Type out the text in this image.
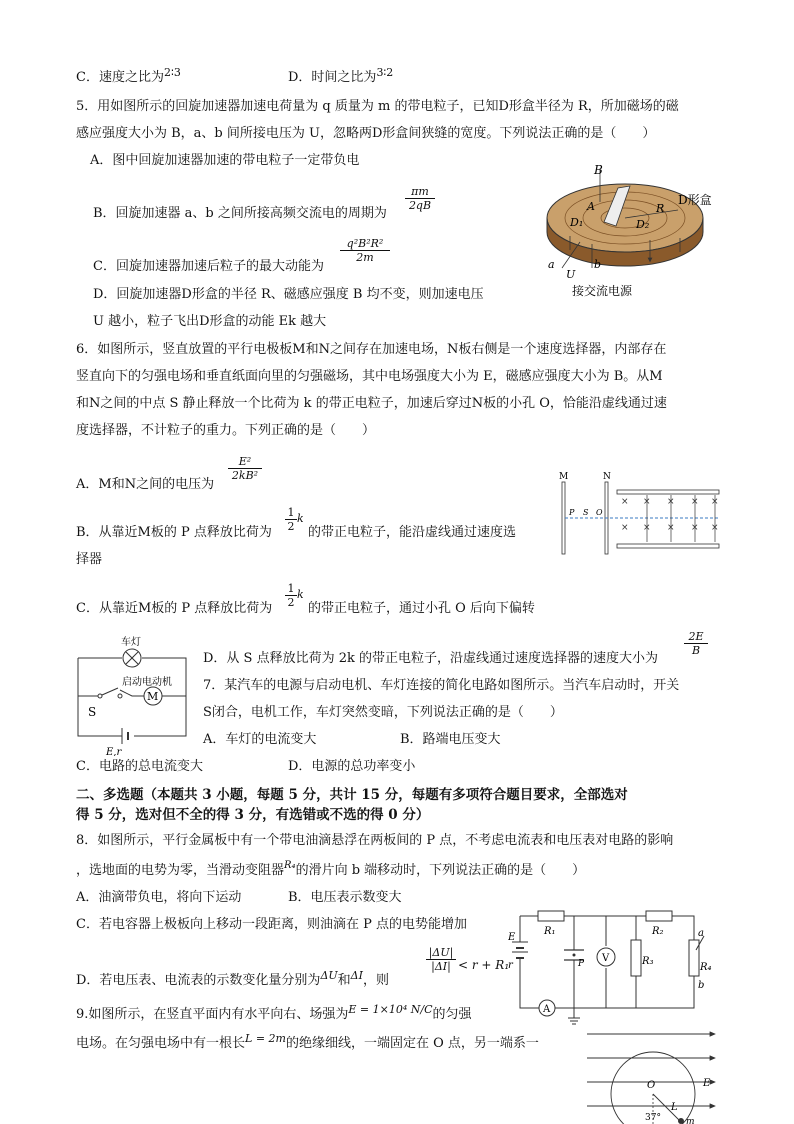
C．速度之比为$^{2∶3}$	D．时间之比为$^{3∶2}$
5．用如图所示的回旋加速器加速电荷量为 q 质量为 m 的带电粒子，已知D形盒半径为 R，所加磁场的磁
感应强度大小为 B，a、b 间所接电压为 U，忽略两D形盒间狭缝的宽度。下列说法正确的是（　　）
A．图中回旋加速器加速的带电粒子一定带负电
B．回旋加速器 a、b 之间所接高频交流电的周期为
$\frac{\pi m}{2qB}$
C．回旋加速器加速后粒子的最大动能为
$\frac{\text{q²B²R²}}{2m}$
D．回旋加速器D形盒的半径 R、磁感应强度 B 均不变，则加速电压
U 越小，粒子飞出D形盒的动能 Ek 越大
B
D形盒
A
D₁	D₂
R
a	b
U
接交流电源
6．如图所示，竖直放置的平行电极板M和N之间存在加速电场，N板右侧是一个速度选择器，内部存在
竖直向下的匀强电场和垂直纸面向里的匀强磁场，其中电场强度大小为 E，磁感应强度大小为 B。从M
和N之间的中点 S 静止释放一个比荷为 k 的带正电粒子，加速后穿过N板的小孔 O，恰能沿虚线通过速
度选择器，不计粒子的重力。下列正确的是（　　）
A．M和N之间的电压为
$\frac{\text{E²}}{\text{2kB²}}$
B．从靠近M板的 P 点释放比荷为 $\frac{1}{2}$ k
的带正电粒子，能沿虚线通过速度选
择器
C．从靠近M板的 P 点释放比荷为 $\frac{1}{2}$ k
的带正电粒子，通过小孔 O 后向下偏转
D．从 S 点释放比荷为 2k 的带正电粒子，沿虚线通过速度选择器的速度大小为
$\frac{2E}{B}$
× × × × ×
× × × × ×
M	N
P S O
M
车灯
启动电动机
S
E,r
7．某汽车的电源与启动电机、车灯连接的简化电路如图所示。当汽车启动时，开关
S闭合，电机工作，车灯突然变暗，下列说法正确的是（　　）
A．车灯的电流变大	B．路端电压变大
C．电路的总电流变大	D．电源的总功率变小
二、多选题（本题共 3 小题，每题 5 分，共计 15 分，每题有多项符合题目要求，全部选对
得 5 分，选对但不全的得 3 分，有选错或不选的得 0 分）
8．如图所示，平行金属板中有一个带电油滴悬浮在两板间的 P 点，不考虑电流表和电压表对电路的影响
，选地面的电势为零，当滑动变阻器$^{R_4}$的滑片向 b 端移动时，下列说法正确的是（　　）
A．油滴带负电，将向下运动	B．电压表示数变大
C．若电容器上极板向上移动一段距离，则油滴在 P 点的电势能增加
D．若电压表、电流表的示数变化量分别为$^{\Delta U}$和$^{\Delta I}$，则
$\frac{|\Delta U|}{|\Delta I|} < r + R_1$	V
A
R₁	R₂
R₃
R₄
E
r	P
a
b
9.如图所示，在竖直平面内有水平向右、场强为$^{E = 1\times 10^4 N/C}$的匀强
电场。在匀强电场中有一根长$^{L = 2m}$的绝缘细线，一端固定在 O 点，另一端系一
O	E
37°
L
m
